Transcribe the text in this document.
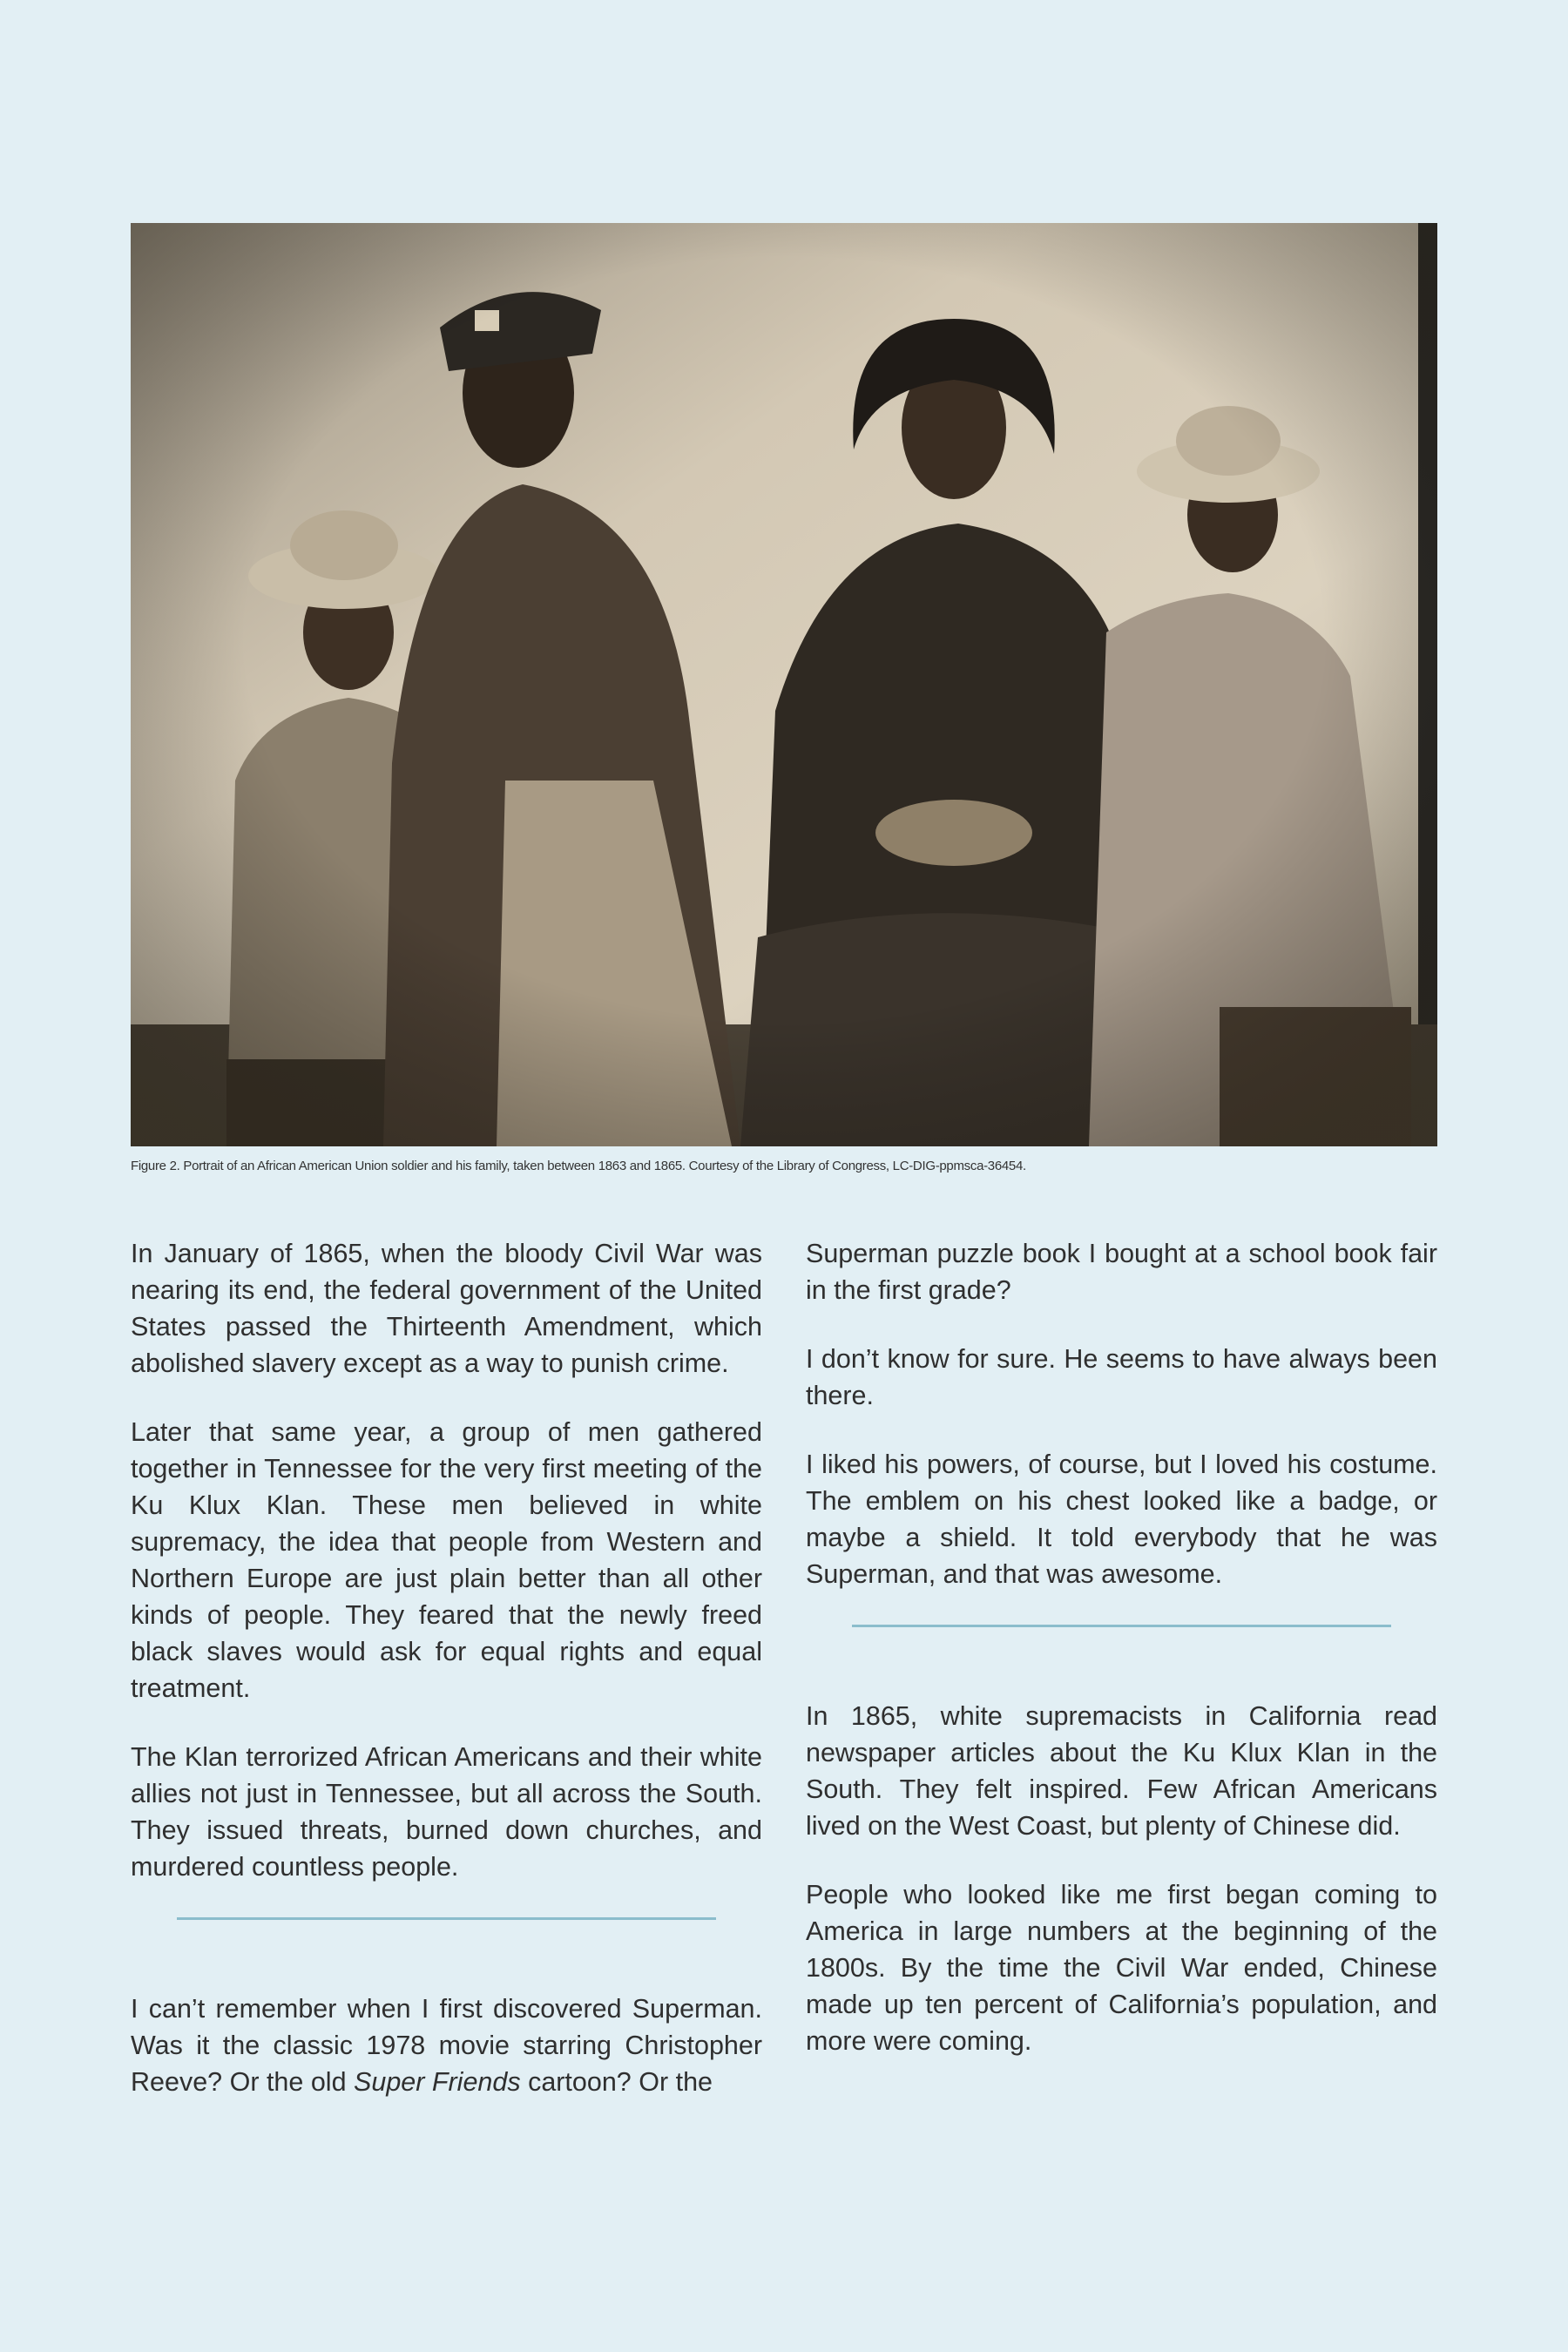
Figure 2. Portrait of an African American Union soldier and his family, taken between 1863 and 1865. Courtesy of the Library of Congress, LC-DIG-ppmsca-36454.

In January of 1865, when the bloody Civil War was nearing its end, the federal government of the United States passed the Thirteenth Amendment, which abolished slavery except as a way to punish crime.

Later that same year, a group of men gathered together in Tennessee for the very first meeting of the Ku Klux Klan. These men believed in white supremacy, the idea that people from Western and Northern Europe are just plain better than all other kinds of people. They feared that the newly freed black slaves would ask for equal rights and equal treatment.

The Klan terrorized African Americans and their white allies not just in Tennessee, but all across the South. They issued threats, burned down churches, and murdered countless people.

I can’t remember when I first discovered Superman. Was it the classic 1978 movie starring Christopher Reeve? Or the old Super Friends cartoon? Or the

Superman puzzle book I bought at a school book fair in the first grade?

I don’t know for sure. He seems to have always been there.

I liked his powers, of course, but I loved his costume. The emblem on his chest looked like a badge, or maybe a shield. It told everybody that he was Superman, and that was awesome.

In 1865, white supremacists in California read newspaper articles about the Ku Klux Klan in the South. They felt inspired. Few African Americans lived on the West Coast, but plenty of Chinese did.

People who looked like me first began coming to America in large numbers at the beginning of the 1800s. By the time the Civil War ended, Chinese made up ten percent of California’s population, and more were coming.
